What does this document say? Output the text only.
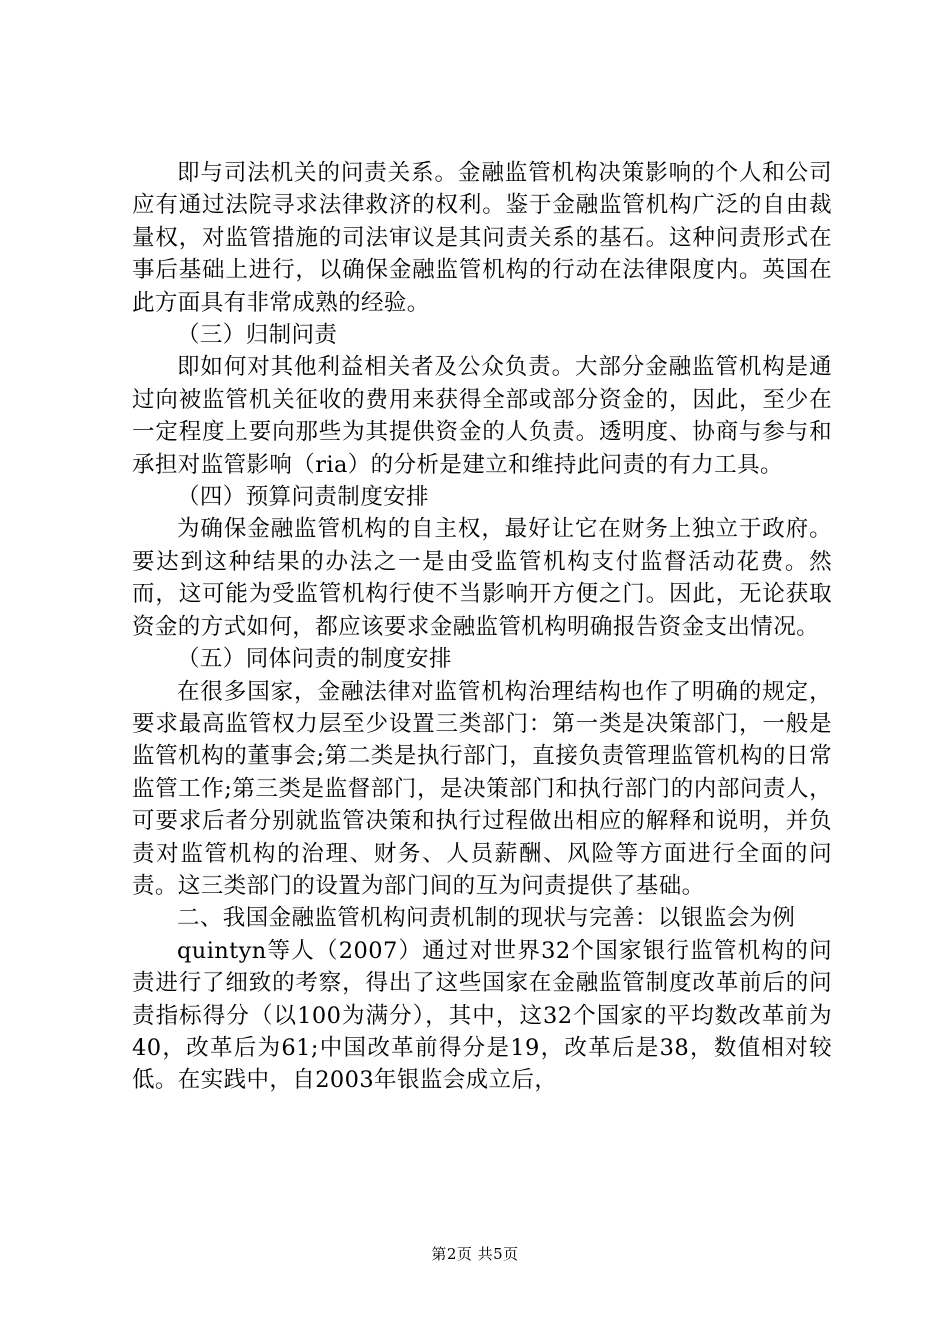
即与司法机关的问责关系。金融监管机构决策影响的个人和公司应有通过法院寻求法律救济的权利。鉴于金融监管机构广泛的自由裁量权，对监管措施的司法审议是其问责关系的基石。这种问责形式在事后基础上进行，以确保金融监管机构的行动在法律限度内。英国在此方面具有非常成熟的经验。

（三）归制问责

即如何对其他利益相关者及公众负责。大部分金融监管机构是通过向被监管机关征收的费用来获得全部或部分资金的，因此，至少在一定程度上要向那些为其提供资金的人负责。透明度、协商与参与和承担对监管影响（ria）的分析是建立和维持此问责的有力工具。

（四）预算问责制度安排

为确保金融监管机构的自主权，最好让它在财务上独立于政府。要达到这种结果的办法之一是由受监管机构支付监督活动花费。然而，这可能为受监管机构行使不当影响开方便之门。因此，无论获取资金的方式如何，都应该要求金融监管机构明确报告资金支出情况。

（五）同体问责的制度安排

在很多国家，金融法律对监管机构治理结构也作了明确的规定，要求最高监管权力层至少设置三类部门：第一类是决策部门，一般是监管机构的董事会;第二类是执行部门，直接负责管理监管机构的日常监管工作;第三类是监督部门，是决策部门和执行部门的内部问责人，可要求后者分别就监管决策和执行过程做出相应的解释和说明，并负责对监管机构的治理、财务、人员薪酬、风险等方面进行全面的问责。这三类部门的设置为部门间的互为问责提供了基础。

二、我国金融监管机构问责机制的现状与完善：以银监会为例

quintyn等人（2007）通过对世界32个国家银行监管机构的问责进行了细致的考察，得出了这些国家在金融监管制度改革前后的问责指标得分（以100为满分），其中，这32个国家的平均数改革前为40，改革后为61;中国改革前得分是19，改革后是38，数值相对较低。在实践中，自2003年银监会成立后，

第2页 共5页
